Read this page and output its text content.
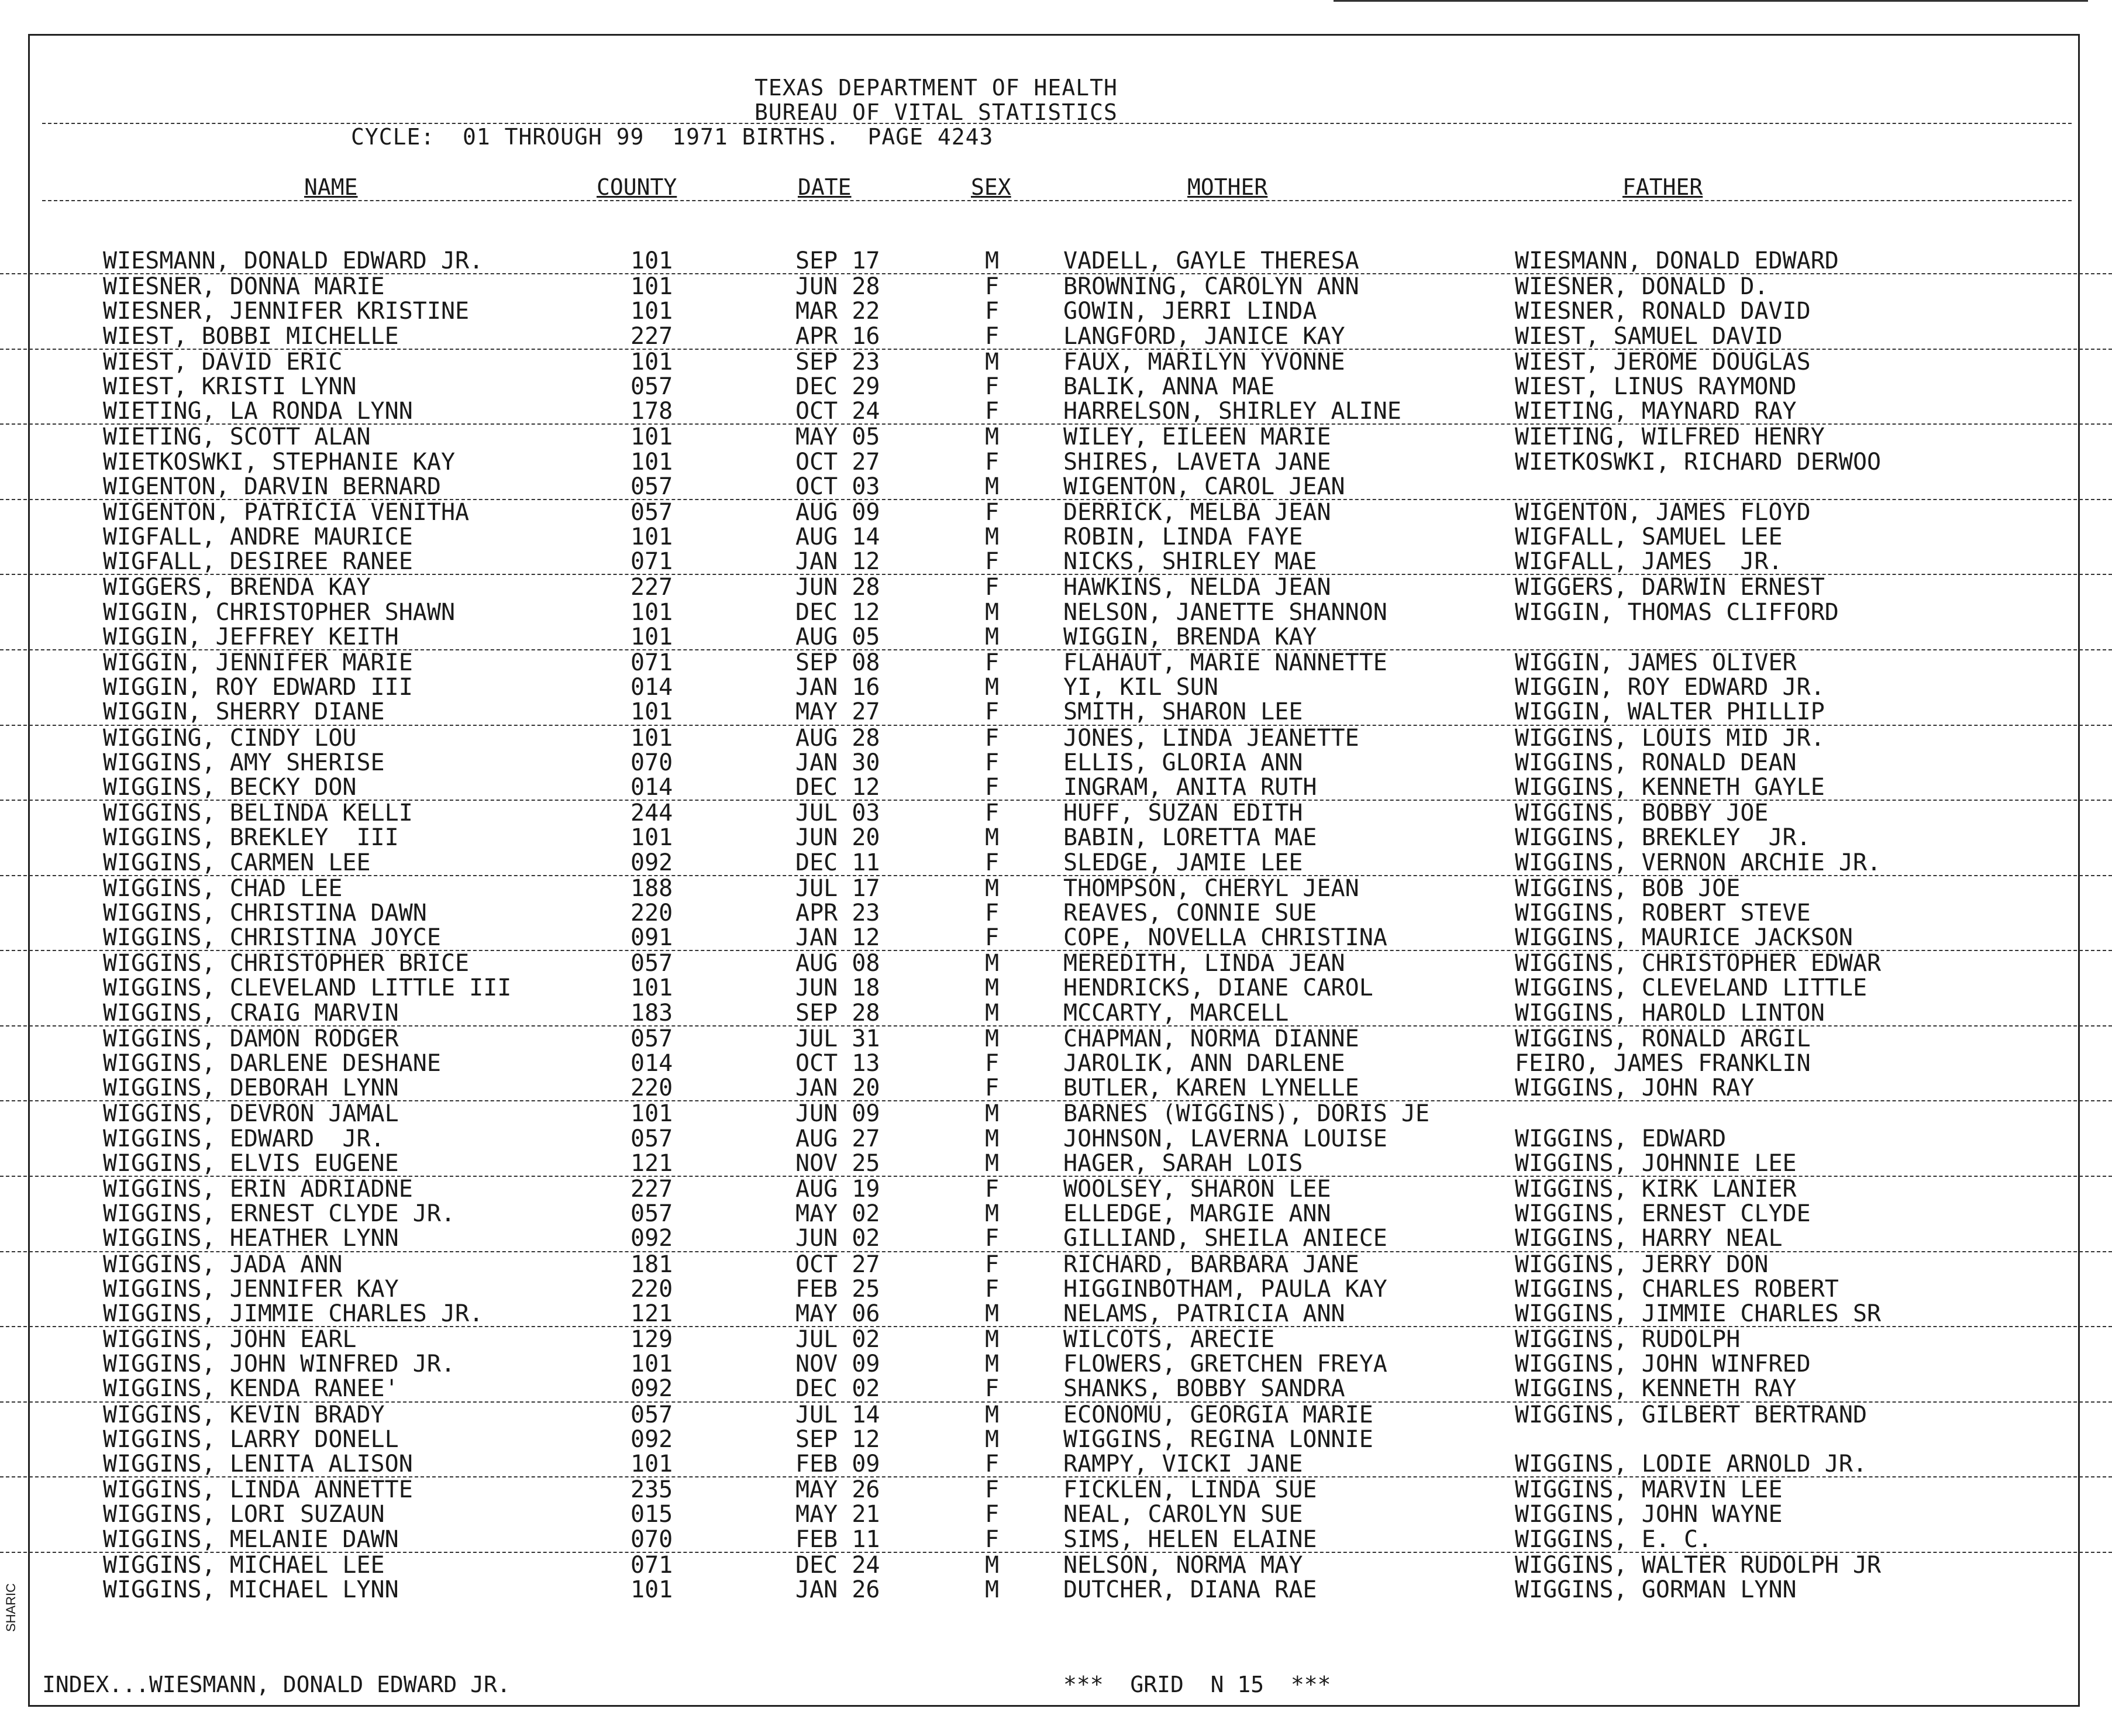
TEXAS DEPARTMENT OF HEALTH
BUREAU OF VITAL STATISTICS
CYCLE:  01 THROUGH 99  1971 BIRTHS.  PAGE 4243
NAME	COUNTY	DATE	SEX	MOTHER	FATHER
WIESMANN, DONALD EDWARD JR.	101	SEP 17	M	VADELL, GAYLE THERESA	WIESMANN, DONALD EDWARD
WIESNER, DONNA MARIE	101	JUN 28	F	BROWNING, CAROLYN ANN	WIESNER, DONALD D.
WIESNER, JENNIFER KRISTINE	101	MAR 22	F	GOWIN, JERRI LINDA	WIESNER, RONALD DAVID
WIEST, BOBBI MICHELLE	227	APR 16	F	LANGFORD, JANICE KAY	WIEST, SAMUEL DAVID
WIEST, DAVID ERIC	101	SEP 23	M	FAUX, MARILYN YVONNE	WIEST, JEROME DOUGLAS
WIEST, KRISTI LYNN	057	DEC 29	F	BALIK, ANNA MAE	WIEST, LINUS RAYMOND
WIETING, LA RONDA LYNN	178	OCT 24	F	HARRELSON, SHIRLEY ALINE	WIETING, MAYNARD RAY
WIETING, SCOTT ALAN	101	MAY 05	M	WILEY, EILEEN MARIE	WIETING, WILFRED HENRY
WIETKOSWKI, STEPHANIE KAY	101	OCT 27	F	SHIRES, LAVETA JANE	WIETKOSWKI, RICHARD DERWOO
WIGENTON, DARVIN BERNARD	057	OCT 03	M	WIGENTON, CAROL JEAN
WIGENTON, PATRICIA VENITHA	057	AUG 09	F	DERRICK, MELBA JEAN	WIGENTON, JAMES FLOYD
WIGFALL, ANDRE MAURICE	101	AUG 14	M	ROBIN, LINDA FAYE	WIGFALL, SAMUEL LEE
WIGFALL, DESIREE RANEE	071	JAN 12	F	NICKS, SHIRLEY MAE	WIGFALL, JAMES  JR.
WIGGERS, BRENDA KAY	227	JUN 28	F	HAWKINS, NELDA JEAN	WIGGERS, DARWIN ERNEST
WIGGIN, CHRISTOPHER SHAWN	101	DEC 12	M	NELSON, JANETTE SHANNON	WIGGIN, THOMAS CLIFFORD
WIGGIN, JEFFREY KEITH	101	AUG 05	M	WIGGIN, BRENDA KAY
WIGGIN, JENNIFER MARIE	071	SEP 08	F	FLAHAUT, MARIE NANNETTE	WIGGIN, JAMES OLIVER
WIGGIN, ROY EDWARD III	014	JAN 16	M	YI, KIL SUN	WIGGIN, ROY EDWARD JR.
WIGGIN, SHERRY DIANE	101	MAY 27	F	SMITH, SHARON LEE	WIGGIN, WALTER PHILLIP
WIGGING, CINDY LOU	101	AUG 28	F	JONES, LINDA JEANETTE	WIGGINS, LOUIS MID JR.
WIGGINS, AMY SHERISE	070	JAN 30	F	ELLIS, GLORIA ANN	WIGGINS, RONALD DEAN
WIGGINS, BECKY DON	014	DEC 12	F	INGRAM, ANITA RUTH	WIGGINS, KENNETH GAYLE
WIGGINS, BELINDA KELLI	244	JUL 03	F	HUFF, SUZAN EDITH	WIGGINS, BOBBY JOE
WIGGINS, BREKLEY  III	101	JUN 20	M	BABIN, LORETTA MAE	WIGGINS, BREKLEY  JR.
WIGGINS, CARMEN LEE	092	DEC 11	F	SLEDGE, JAMIE LEE	WIGGINS, VERNON ARCHIE JR.
WIGGINS, CHAD LEE	188	JUL 17	M	THOMPSON, CHERYL JEAN	WIGGINS, BOB JOE
WIGGINS, CHRISTINA DAWN	220	APR 23	F	REAVES, CONNIE SUE	WIGGINS, ROBERT STEVE
WIGGINS, CHRISTINA JOYCE	091	JAN 12	F	COPE, NOVELLA CHRISTINA	WIGGINS, MAURICE JACKSON
WIGGINS, CHRISTOPHER BRICE	057	AUG 08	M	MEREDITH, LINDA JEAN	WIGGINS, CHRISTOPHER EDWAR
WIGGINS, CLEVELAND LITTLE III	101	JUN 18	M	HENDRICKS, DIANE CAROL	WIGGINS, CLEVELAND LITTLE
WIGGINS, CRAIG MARVIN	183	SEP 28	M	MCCARTY, MARCELL	WIGGINS, HAROLD LINTON
WIGGINS, DAMON RODGER	057	JUL 31	M	CHAPMAN, NORMA DIANNE	WIGGINS, RONALD ARGIL
WIGGINS, DARLENE DESHANE	014	OCT 13	F	JAROLIK, ANN DARLENE	FEIRO, JAMES FRANKLIN
WIGGINS, DEBORAH LYNN	220	JAN 20	F	BUTLER, KAREN LYNELLE	WIGGINS, JOHN RAY
WIGGINS, DEVRON JAMAL	101	JUN 09	M	BARNES (WIGGINS), DORIS JE
WIGGINS, EDWARD  JR.	057	AUG 27	M	JOHNSON, LAVERNA LOUISE	WIGGINS, EDWARD
WIGGINS, ELVIS EUGENE	121	NOV 25	M	HAGER, SARAH LOIS	WIGGINS, JOHNNIE LEE
WIGGINS, ERIN ADRIADNE	227	AUG 19	F	WOOLSEY, SHARON LEE	WIGGINS, KIRK LANIER
WIGGINS, ERNEST CLYDE JR.	057	MAY 02	M	ELLEDGE, MARGIE ANN	WIGGINS, ERNEST CLYDE
WIGGINS, HEATHER LYNN	092	JUN 02	F	GILLIAND, SHEILA ANIECE	WIGGINS, HARRY NEAL
WIGGINS, JADA ANN	181	OCT 27	F	RICHARD, BARBARA JANE	WIGGINS, JERRY DON
WIGGINS, JENNIFER KAY	220	FEB 25	F	HIGGINBOTHAM, PAULA KAY	WIGGINS, CHARLES ROBERT
WIGGINS, JIMMIE CHARLES JR.	121	MAY 06	M	NELAMS, PATRICIA ANN	WIGGINS, JIMMIE CHARLES SR
WIGGINS, JOHN EARL	129	JUL 02	M	WILCOTS, ARECIE	WIGGINS, RUDOLPH
WIGGINS, JOHN WINFRED JR.	101	NOV 09	M	FLOWERS, GRETCHEN FREYA	WIGGINS, JOHN WINFRED
WIGGINS, KENDA RANEE'	092	DEC 02	F	SHANKS, BOBBY SANDRA	WIGGINS, KENNETH RAY
WIGGINS, KEVIN BRADY	057	JUL 14	M	ECONOMU, GEORGIA MARIE	WIGGINS, GILBERT BERTRAND
WIGGINS, LARRY DONELL	092	SEP 12	M	WIGGINS, REGINA LONNIE
WIGGINS, LENITA ALISON	101	FEB 09	F	RAMPY, VICKI JANE	WIGGINS, LODIE ARNOLD JR.
WIGGINS, LINDA ANNETTE	235	MAY 26	F	FICKLEN, LINDA SUE	WIGGINS, MARVIN LEE
WIGGINS, LORI SUZAUN	015	MAY 21	F	NEAL, CAROLYN SUE	WIGGINS, JOHN WAYNE
WIGGINS, MELANIE DAWN	070	FEB 11	F	SIMS, HELEN ELAINE	WIGGINS, E. C.
WIGGINS, MICHAEL LEE	071	DEC 24	M	NELSON, NORMA MAY	WIGGINS, WALTER RUDOLPH JR
WIGGINS, MICHAEL LYNN	101	JAN 26	M	DUTCHER, DIANA RAE	WIGGINS, GORMAN LYNN
INDEX...WIESMANN, DONALD EDWARD JR.	***  GRID  N 15  ***
SHARIC
